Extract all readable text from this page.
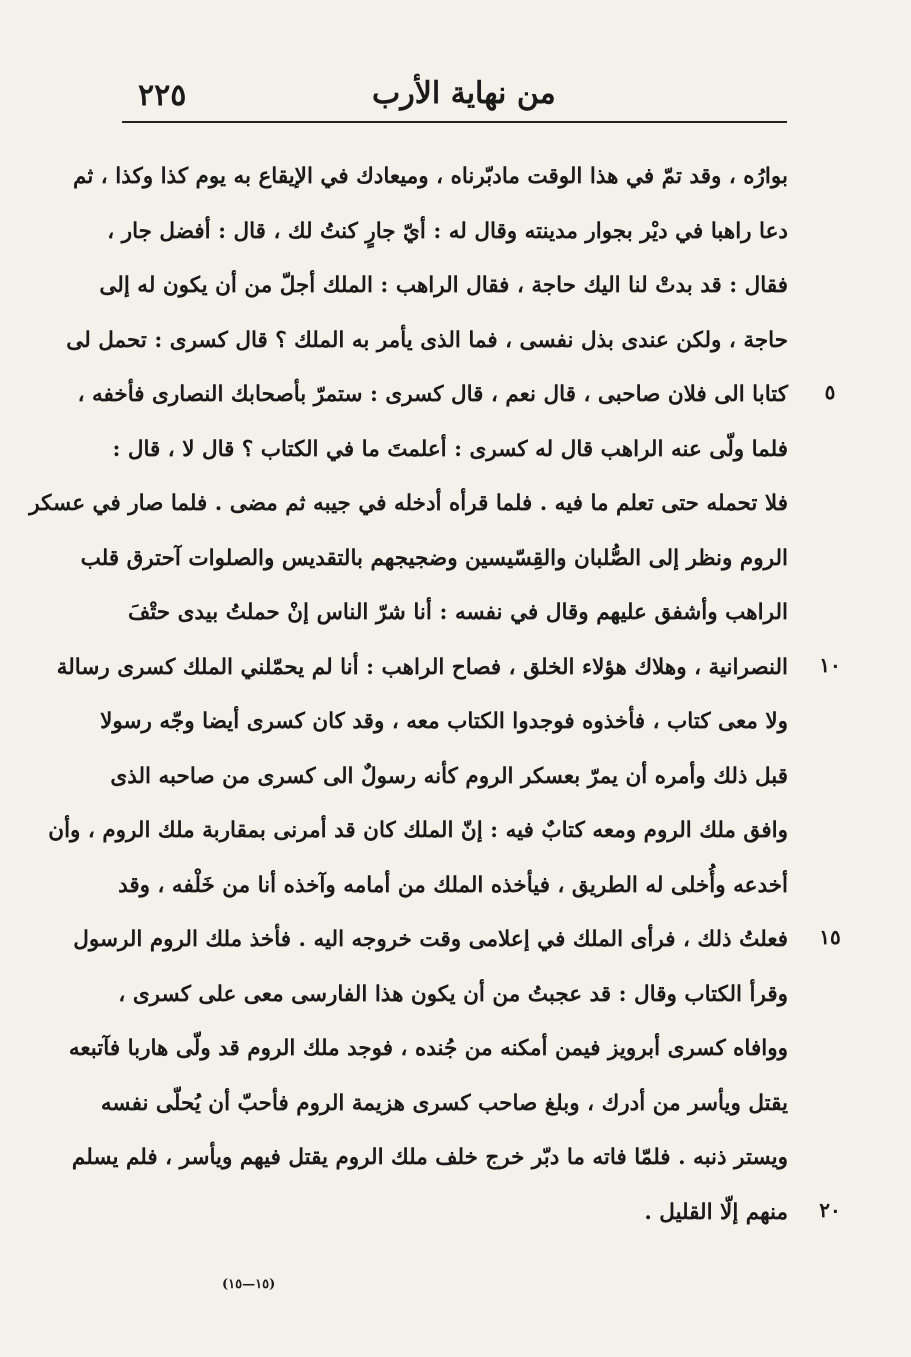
٢٢٥	من نهاية الأرب
بوارُه ، وقد تمّ في هذا الوقت مادبّرناه ، وميعادك في الإيقاع به يوم كذا وكذا ، ثم
دعا راهبا في ديْر بجوار مدينته وقال له : أيّ جارٍ كنتُ لك ، قال : أفضل جار ،
فقال : قد بدتْ لنا اليك حاجة ، فقال الراهب : الملك أجلّ من أن يكون له إلى
حاجة ، ولكن عندى بذل نفسى ، فما الذى يأمر به الملك ؟ قال كسرى : تحمل لى
كتابا الى فلان صاحبى ، قال نعم ، قال كسرى : ستمرّ بأصحابك النصارى فأخفه ،
فلما ولّى عنه الراهب قال له كسرى : أعلمتَ ما في الكتاب ؟ قال لا ، قال :
فلا تحمله حتى تعلم ما فيه . فلما قرأه أدخله في جيبه ثم مضى . فلما صار في عسكر
الروم ونظر إلى الصُّلبان والقِسّيسين وضجيجهم بالتقديس والصلوات آحترق قلب
الراهب وأشفق عليهم وقال في نفسه : أنا شرّ الناس إنْ حملتُ بيدى حتْفَ
النصرانية ، وهلاك هؤلاء الخلق ، فصاح الراهب : أنا لم يحمّلني الملك كسرى رسالة
ولا معى كتاب ، فأخذوه فوجدوا الكتاب معه ، وقد كان كسرى أيضا وجّه رسولا
قبل ذلك وأمره أن يمرّ بعسكر الروم كأنه رسولٌ الى كسرى من صاحبه الذى
وافق ملك الروم ومعه كتابٌ فيه : إنّ الملك كان قد أمرنى بمقاربة ملك الروم ، وأن
أخدعه وأُخلى له الطريق ، فيأخذه الملك من أمامه وآخذه أنا من خَلْفه ، وقد
فعلتُ ذلك ، فرأى الملك في إعلامى وقت خروجه اليه . فأخذ ملك الروم الرسول
وقرأ الكتاب وقال : قد عجبتُ من أن يكون هذا الفارسى معى على كسرى ،
ووافاه كسرى أبرويز فيمن أمكنه من جُنده ، فوجد ملك الروم قد ولّى هاربا فآتبعه
يقتل ويأسر من أدرك ، وبلغ صاحب كسرى هزيمة الروم فأحبّ أن يُحلّى نفسه
ويستر ذنبه . فلمّا فاته ما دبّر خرج خلف ملك الروم يقتل فيهم ويأسر ، فلم يسلم
منهم إلّا القليل .
٥
١٠
١٥
٢٠
(١٥—١٥)
